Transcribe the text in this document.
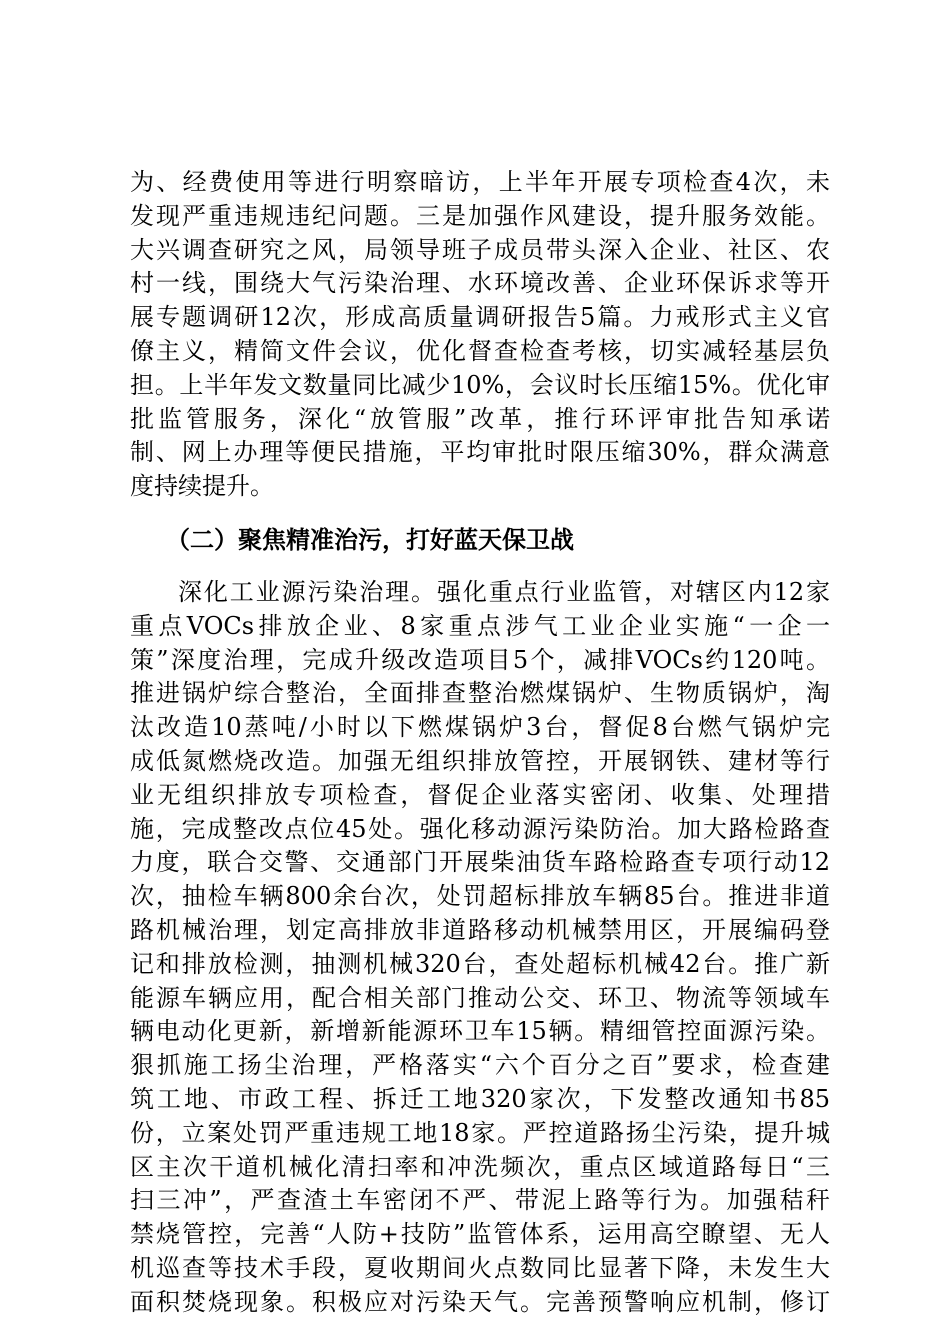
为、经费使用等进行明察暗访，上半年开展专项检查4次，未
发现严重违规违纪问题。三是加强作风建设，提升服务效能。
大兴调查研究之风，局领导班子成员带头深入企业、社区、农
村一线，围绕大气污染治理、水环境改善、企业环保诉求等开
展专题调研12次，形成高质量调研报告5篇。力戒形式主义官
僚主义，精简文件会议，优化督查检查考核，切实减轻基层负
担。上半年发文数量同比减少10%，会议时长压缩15%。优化审
批监管服务，深化“放管服”改革，推行环评审批告知承诺
制、网上办理等便民措施，平均审批时限压缩30%，群众满意
度持续提升。
（二）聚焦精准治污，打好蓝天保卫战
深化工业源污染治理。强化重点行业监管，对辖区内12家
重点VOCs排放企业、8家重点涉气工业企业实施“一企一
策”深度治理，完成升级改造项目5个，减排VOCs约120吨。
推进锅炉综合整治，全面排查整治燃煤锅炉、生物质锅炉，淘
汰改造10蒸吨/小时以下燃煤锅炉3台，督促8台燃气锅炉完
成低氮燃烧改造。加强无组织排放管控，开展钢铁、建材等行
业无组织排放专项检查，督促企业落实密闭、收集、处理措
施，完成整改点位45处。强化移动源污染防治。加大路检路查
力度，联合交警、交通部门开展柴油货车路检路查专项行动12
次，抽检车辆800余台次，处罚超标排放车辆85台。推进非道
路机械治理，划定高排放非道路移动机械禁用区，开展编码登
记和排放检测，抽测机械320台，查处超标机械42台。推广新
能源车辆应用，配合相关部门推动公交、环卫、物流等领域车
辆电动化更新，新增新能源环卫车15辆。精细管控面源污染。
狠抓施工扬尘治理，严格落实“六个百分之百”要求，检查建
筑工地、市政工程、拆迁工地320家次，下发整改通知书85
份，立案处罚严重违规工地18家。严控道路扬尘污染，提升城
区主次干道机械化清扫率和冲洗频次，重点区域道路每日“三
扫三冲”，严查渣土车密闭不严、带泥上路等行为。加强秸秆
禁烧管控，完善“人防+技防”监管体系，运用高空瞭望、无人
机巡查等技术手段，夏收期间火点数同比显著下降，未发生大
面积焚烧现象。积极应对污染天气。完善预警响应机制，修订
